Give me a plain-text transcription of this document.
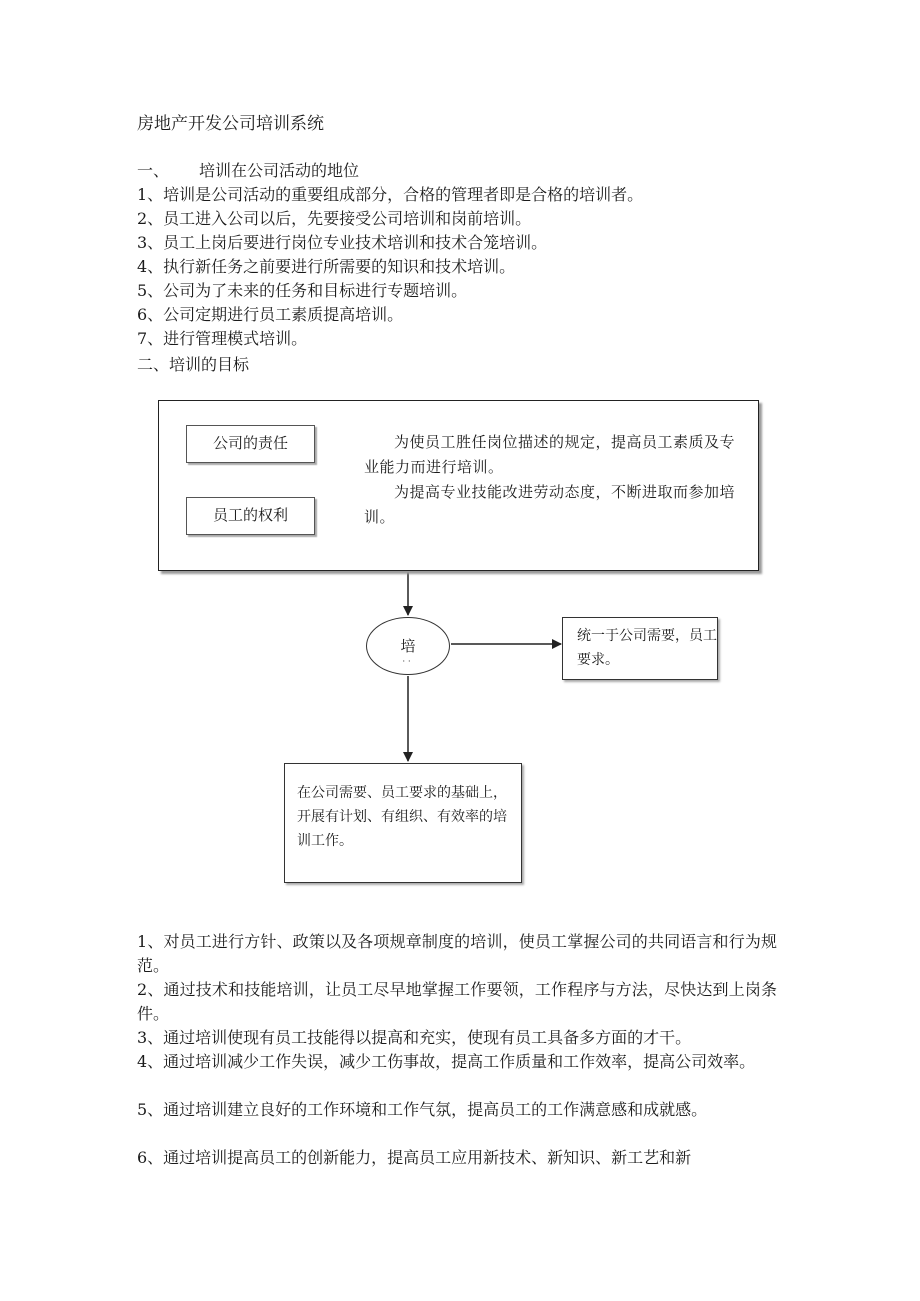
房地产开发公司培训系统
一、 培训在公司活动的地位
1、培训是公司活动的重要组成部分，合格的管理者即是合格的培训者。
2、员工进入公司以后，先要接受公司培训和岗前培训。
3、员工上岗后要进行岗位专业技术培训和技术合笼培训。
4、执行新任务之前要进行所需要的知识和技术培训。
5、公司为了未来的任务和目标进行专题培训。
6、公司定期进行员工素质提高培训。
7、进行管理模式培训。
二、培训的目标
公司的责任
员工的权利

为使员工胜任岗位描述的规定，提高员工素质及专业能力而进行培训。

为提高专业技能改进劳动态度，不断进取而参加培训。

培
··
统一于公司需要，员工要求。
在公司需要、员工要求的基础上，开展有计划、有组织、有效率的培训工作。
1、对员工进行方针、政策以及各项规章制度的培训，使员工掌握公司的共同语言和行为规范。
2、通过技术和技能培训，让员工尽早地掌握工作要领，工作程序与方法，尽快达到上岗条件。
3、通过培训使现有员工技能得以提高和充实，使现有员工具备多方面的才干。
4、通过培训减少工作失误，减少工伤事故，提高工作质量和工作效率，提高公司效率。
5、通过培训建立良好的工作环境和工作气氛，提高员工的工作满意感和成就感。
6、通过培训提高员工的创新能力，提高员工应用新技术、新知识、新工艺和新
